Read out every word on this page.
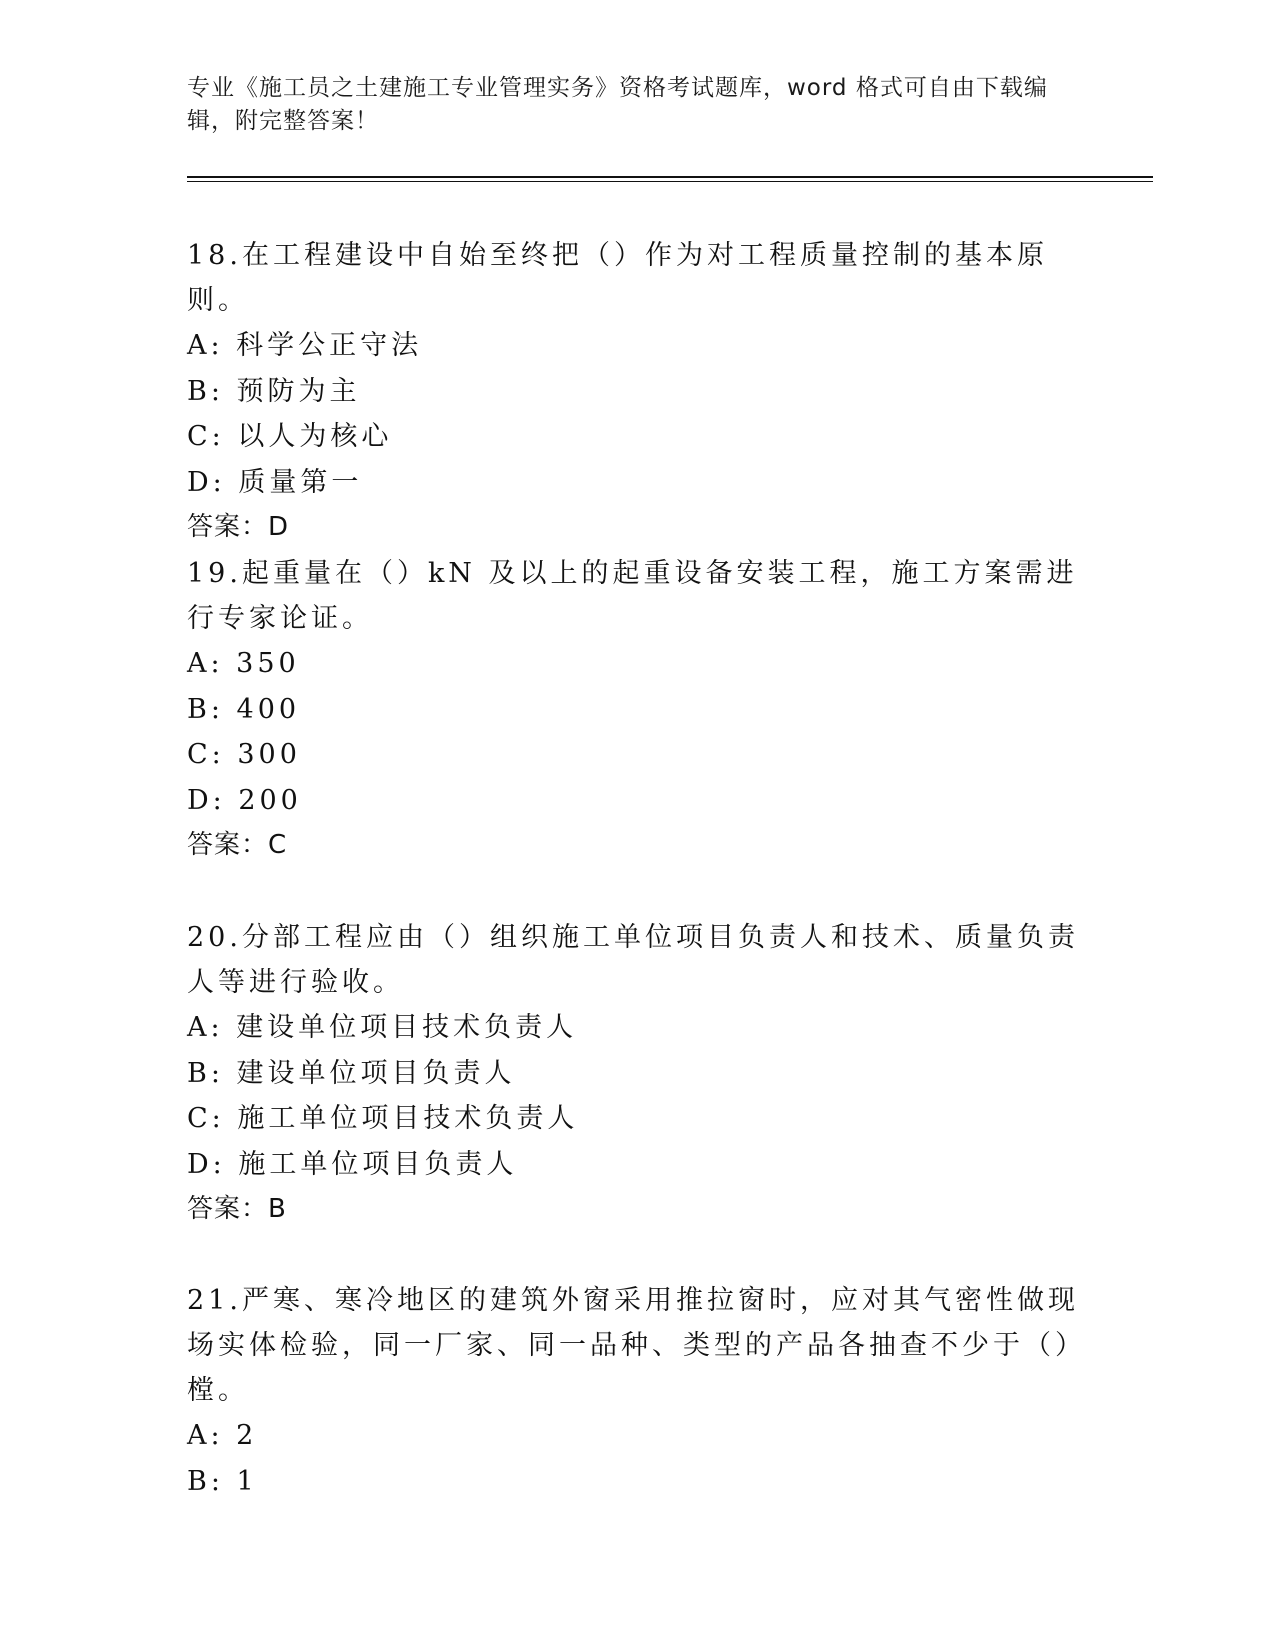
专业《施工员之土建施工专业管理实务》资格考试题库，word 格式可自由下载编辑，附完整答案！
18.在工程建设中自始至终把（）作为对工程质量控制的基本原则。
A: 科学公正守法
B: 预防为主
C: 以人为核心
D: 质量第一
答案：D
19.起重量在（）kN 及以上的起重设备安装工程，施工方案需进行专家论证。
A: 350
B: 400
C: 300
D: 200
答案：C
20.分部工程应由（）组织施工单位项目负责人和技术、质量负责人等进行验收。
A: 建设单位项目技术负责人
B: 建设单位项目负责人
C: 施工单位项目技术负责人
D: 施工单位项目负责人
答案：B
21.严寒、寒冷地区的建筑外窗采用推拉窗时，应对其气密性做现场实体检验，同一厂家、同一品种、类型的产品各抽查不少于（）樘。
A: 2
B: 1
